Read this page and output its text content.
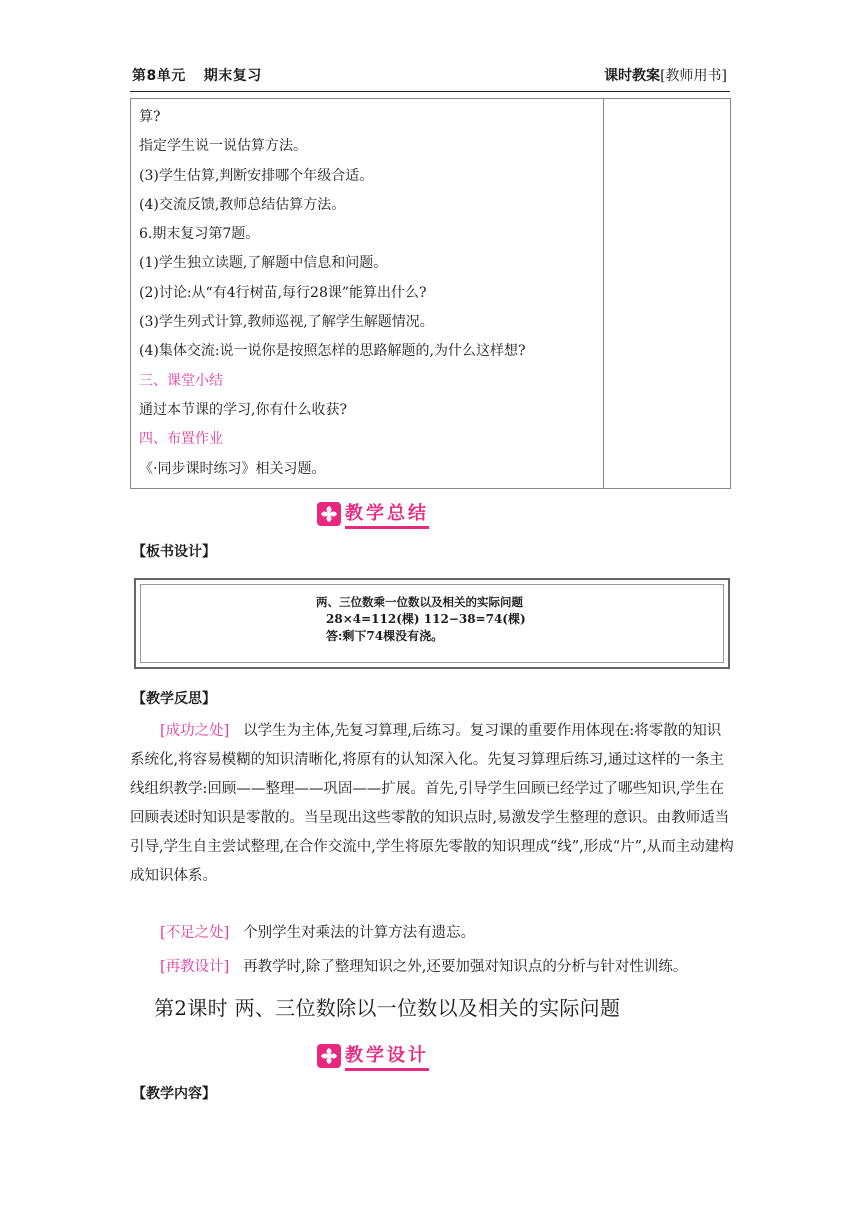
第8单元 期末复习	课时教案[教师用书]
算?
指定学生说一说估算方法。
(3)学生估算,判断安排哪个年级合适。
(4)交流反馈,教师总结估算方法。
6.期末复习第7题。
(1)学生独立读题,了解题中信息和问题。
(2)讨论:从“有4行树苗,每行28课”能算出什么?
(3)学生列式计算,教师巡视,了解学生解题情况。
(4)集体交流:说一说你是按照怎样的思路解题的,为什么这样想?
三、课堂小结
通过本节课的学习,你有什么收获?
四、布置作业
《·同步课时练习》相关习题。
教学总结
【板书设计】
两、三位数乘一位数以及相关的实际问题
28×4=112(棵) 112−38=74(棵)
答:剩下74棵没有浇。
【教学反思】
[成功之处] 以学生为主体,先复习算理,后练习。复习课的重要作用体现在:将零散的知识系统化,将容易模糊的知识清晰化,将原有的认知深入化。先复习算理后练习,通过这样的一条主线组织教学:回顾——整理——巩固——扩展。首先,引导学生回顾已经学过了哪些知识,学生在回顾表述时知识是零散的。当呈现出这些零散的知识点时,易激发学生整理的意识。由教师适当引导,学生自主尝试整理,在合作交流中,学生将原先零散的知识理成“线”,形成“片”,从而主动建构成知识体系。
[不足之处] 个别学生对乘法的计算方法有遗忘。
[再教设计] 再教学时,除了整理知识之外,还要加强对知识点的分析与针对性训练。
第2课时 两、三位数除以一位数以及相关的实际问题
教学设计
【教学内容】
